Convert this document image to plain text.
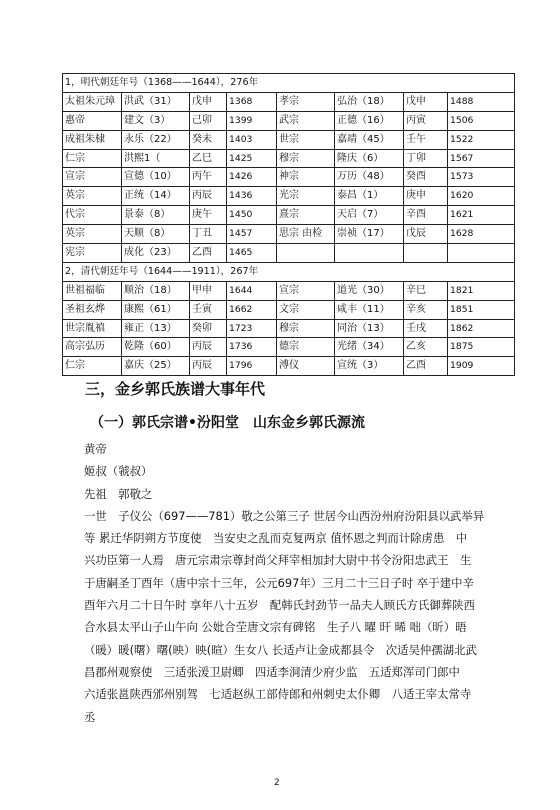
1，明代朝廷年号（1368——1644），276年							
太祖朱元璋	洪武（31）	戊申	1368	孝宗	弘治（18）	戊申	1488
惠帝	建文（3）	己卯	1399	武宗	正德（16）	丙寅	1506
成祖朱棣	永乐（22）	癸未	1403	世宗	嘉靖（45）	壬午	1522
仁宗	洪熙1（	乙巳	1425	穆宗	隆庆（6）	丁卯	1567
宣宗	宣德（10）	丙午	1426	神宗	万历（48）	癸酉	1573
英宗	正统（14）	丙辰	1436	光宗	泰昌（1）	庚申	1620
代宗	景泰（8）	庚午	1450	熹宗	天启（7）	辛酉	1621
英宗	天顺（8）	丁丑	1457	思宗 由检	崇祯（17）	戊辰	1628
宪宗	成化（23）	乙酉	1465				
2，清代朝廷年号（1644——1911），267年							
世祖福临	顺治（18）	甲申	1644	宣宗	道光（30）	辛巳	1821
圣祖玄烨	康熙（61）	壬寅	1662	文宗	咸丰（11）	辛亥	1851
世宗胤禛	雍正（13）	癸卯	1723	穆宗	同治（13）	壬戌	1862
高宗弘历	乾隆（60）	丙辰	1736	德宗	光绪（34）	乙亥	1875
仁宗	嘉庆（25）	丙辰	1796	溥仪	宣统（3）	乙酉	1909
三，金乡郭氏族谱大事年代
（一）郭氏宗谱•汾阳堂　山东金乡郭氏源流

黄帝

姬叔（虢叔）

先祖　郭敬之

一世　子仪公（697——781）敬之公第三子 世居今山西汾州府汾阳县以武举异

等 累迁华阴朔方节度使　当安史之乱而克复两京 值怀恩之判而计除虏患　中

兴功臣第一人焉　唐元宗肃宗尊封尚父拜宰相加封大尉中书令汾阳忠武王　生

于唐嗣圣丁酉年（唐中宗十三年，公元697年）三月二十三日子时 卒于建中辛

酉年六月二十日午时 享年八十五岁　配韩氏封劲节一品夫人顾氏方氏御葬陕西

合水县太平山子山午向 公妣合茔唐文宗有碑铭　生子八 曜 旰 晞 咄（昕）晤

（暖）暖(曙）曙(映）映(暄）生女八 长适卢让金成都县令　次适吴仲孺湖北武

昌郡州观察使　三适张湲卫尉卿　四适李洞清少府少监　五适郑浑司门郎中

六适张邕陕西邠州别驾　七适赵纵工部侍郎和州刺史太仆卿　八适王宰太常寺

丞

2
